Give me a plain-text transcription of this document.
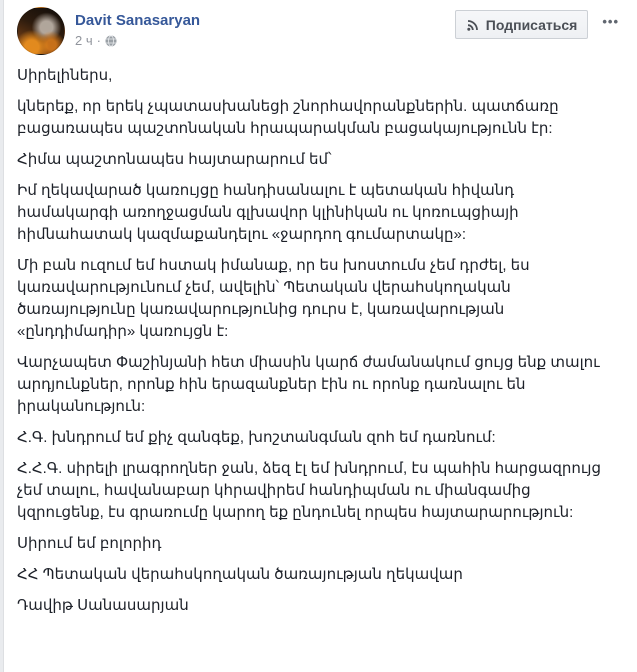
Davit Sanasaryan
2 ч ·
Подписаться	•••

Սիրելիներս,

կներեք, որ երեկ չպատասխանեցի շնորհավորանքներին. պատճառը բացառապես պաշտոնական հրապարակման բացակայությունն էր:

Հիմա պաշտոնապես հայտարարում եմ՝

Իմ ղեկավարած կառույցը հանդիսանալու է պետական հիվանդ համակարգի առողջացման գլխավոր կլինիկան ու կոռուպցիայի հիմնահատակ կազմաքանդելու «ջարդող գումարտակը»:

Մի բան ուզում եմ հստակ իմանաք, որ ես խոստումս չեմ դրժել, ես կառավարությունում չեմ, ավելին՝ Պետական վերահսկողական ծառայությունը կառավարությունից դուրս է, կառավարության «ընդդիմադիր» կառույցն է:

Վարչապետ Փաշինյանի հետ միասին կարճ ժամանակում ցույց ենք տալու արդյունքներ, որոնք հին երազանքներ էին ու որոնք դառնալու են իրականություն:

Հ.Գ. խնդրում եմ քիչ զանգեք, խոշտանգման զոհ եմ դառնում:

Հ.Հ.Գ. սիրելի լրագրողներ ջան, ձեզ էլ եմ խնդրում, էս պահին հարցազրույց չեմ տալու, հավանաբար կհրավիրեմ հանդիպման ու միանգամից կզրուցենք, էս գրառումը կարող եք ընդունել որպես հայտարարություն:

Սիրում եմ բոլորիդ

ՀՀ Պետական վերահսկողական ծառայության ղեկավար

Դավիթ Սանասարյան
